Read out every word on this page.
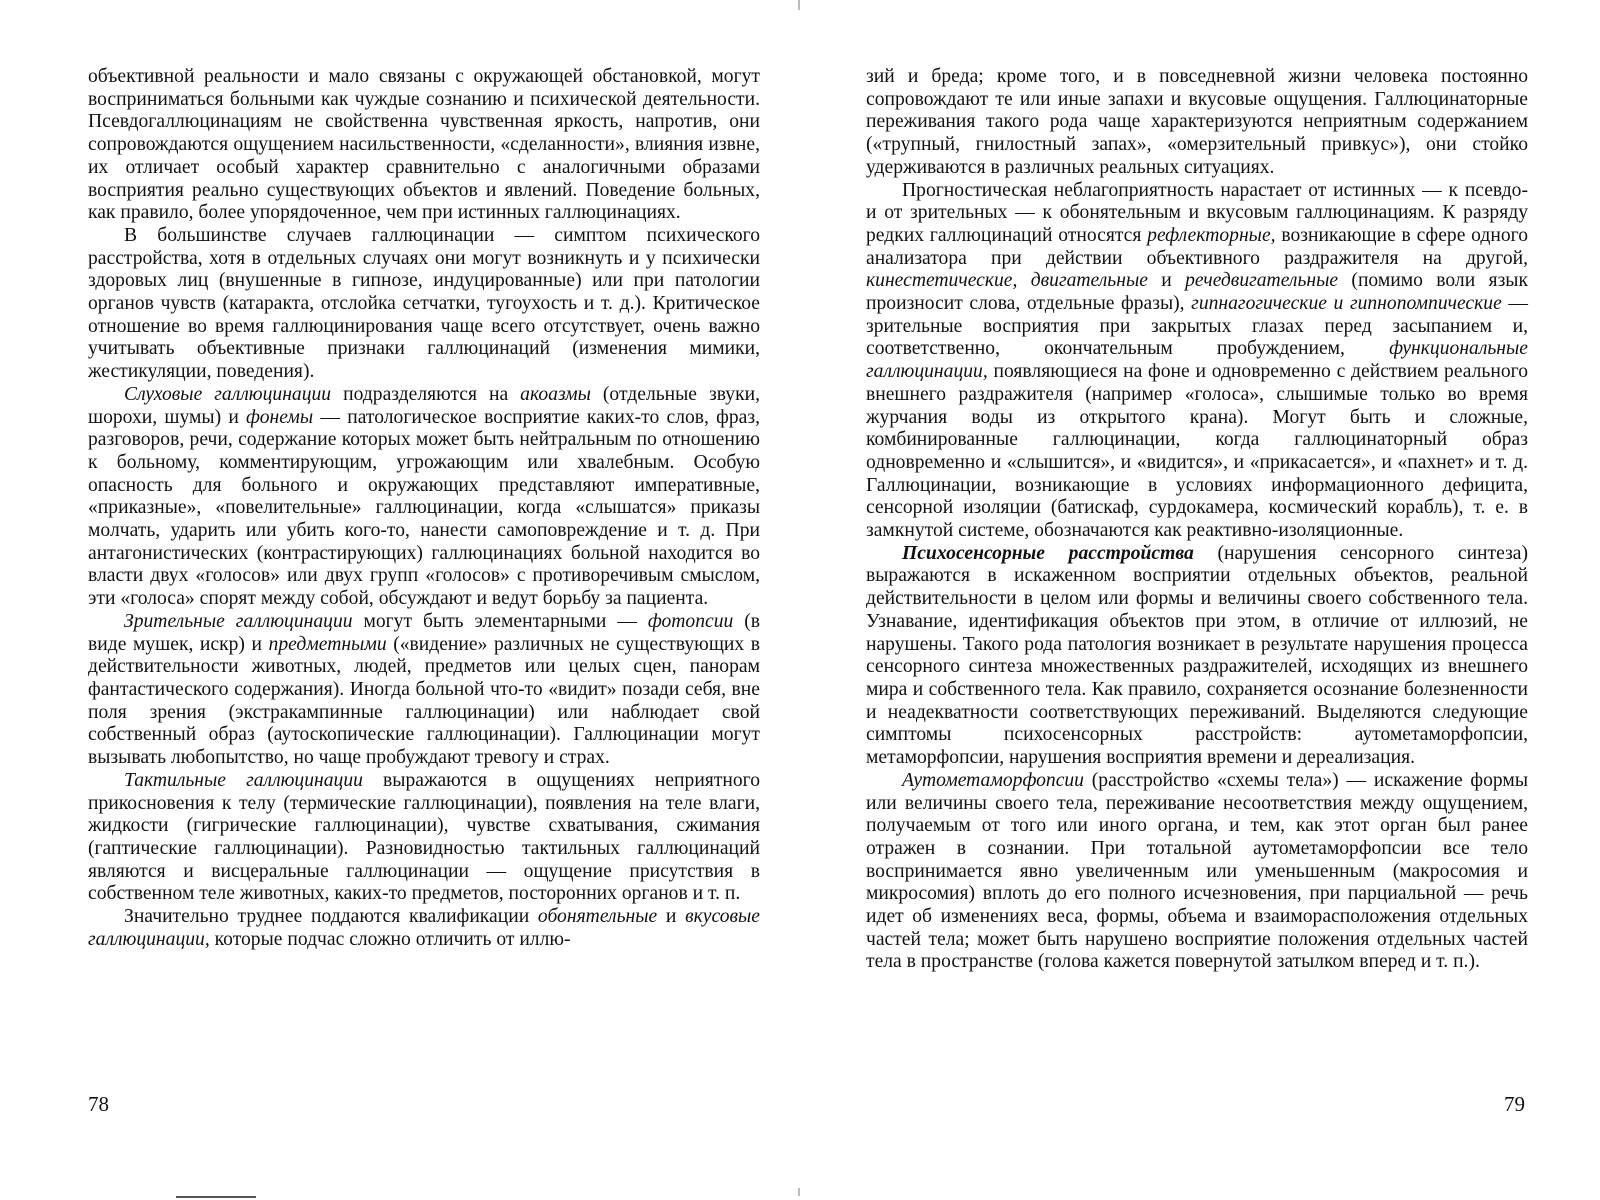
объективной реальности и мало связаны с окружающей обстановкой, могут восприниматься больными как чуждые сознанию и психической деятельности. Псевдогаллюцинациям не свойственна чувственная яркость, напротив, они сопровождаются ощущением насильственности, «сделанности», влияния извне, их отличает особый характер сравнительно с аналогичными образами восприятия реально существующих объектов и явлений. Поведение больных, как правило, более упорядоченное, чем при истинных галлюцинациях.

В большинстве случаев галлюцинации — симптом психического расстройства, хотя в отдельных случаях они могут возникнуть и у психически здоровых лиц (внушенные в гипнозе, индуцированные) или при патологии органов чувств (катаракта, отслойка сетчатки, тугоухость и т. д.). Критическое отношение во время галлюцинирования чаще всего отсутствует, очень важно учитывать объективные признаки галлюцинаций (изменения мимики, жестикуляции, поведения).

Слуховые галлюцинации подразделяются на акоазмы (отдельные звуки, шорохи, шумы) и фонемы — патологическое восприятие каких-то слов, фраз, разговоров, речи, содержание которых может быть нейтральным по отношению к больному, комментирующим, угрожающим или хвалебным. Особую опасность для больного и окружающих представляют императивные, «приказные», «повелительные» галлюцинации, когда «слышатся» приказы молчать, ударить или убить кого-то, нанести самоповреждение и т. д. При антагонистических (контрастирующих) галлюцинациях больной находится во власти двух «голосов» или двух групп «голосов» с противоречивым смыслом, эти «голоса» спорят между собой, обсуждают и ведут борьбу за пациента.

Зрительные галлюцинации могут быть элементарными — фотопсии (в виде мушек, искр) и предметными («видение» различных не существующих в действительности животных, людей, предметов или целых сцен, панорам фантастического содержания). Иногда больной что-то «видит» позади себя, вне поля зрения (экстракампинные галлюцинации) или наблюдает свой собственный образ (аутоскопические галлюцинации). Галлюцинации могут вызывать любопытство, но чаще пробуждают тревогу и страх.

Тактильные галлюцинации выражаются в ощущениях неприятного прикосновения к телу (термические галлюцинации), появления на теле влаги, жидкости (гигрические галлюцинации), чувстве схватывания, сжимания (гаптические галлюцинации). Разновидностью тактильных галлюцинаций являются и висцеральные галлюцинации — ощущение присутствия в собственном теле животных, каких-то предметов, посторонних органов и т. п.

Значительно труднее поддаются квалификации обонятельные и вкусовые галлюцинации, которые подчас сложно отличить от иллю-

зий и бреда; кроме того, и в повседневной жизни человека постоянно сопровождают те или иные запахи и вкусовые ощущения. Галлюцинаторные переживания такого рода чаще характеризуются неприятным содержанием («трупный, гнилостный запах», «омерзительный привкус»), они стойко удерживаются в различных реальных ситуациях.

Прогностическая неблагоприятность нарастает от истинных — к псевдо- и от зрительных — к обонятельным и вкусовым галлюцинациям. К разряду редких галлюцинаций относятся рефлекторные, возникающие в сфере одного анализатора при действии объективного раздражителя на другой, кинестетические, двигательные и речедвигательные (помимо воли язык произносит слова, отдельные фразы), гипнагогические и гипнопомпические — зрительные восприятия при закрытых глазах перед засыпанием и, соответственно, окончательным пробуждением, функциональные галлюцинации, появляющиеся на фоне и одновременно с действием реального внешнего раздражителя (например «голоса», слышимые только во время журчания воды из открытого крана). Могут быть и сложные, комбинированные галлюцинации, когда галлюцинаторный образ одновременно и «слышится», и «видится», и «прикасается», и «пахнет» и т. д. Галлюцинации, возникающие в условиях информационного дефицита, сенсорной изоляции (батискаф, сурдокамера, космический корабль), т. е. в замкнутой системе, обозначаются как реактивно-изоляционные.

Психосенсорные расстройства (нарушения сенсорного синтеза) выражаются в искаженном восприятии отдельных объектов, реальной действительности в целом или формы и величины своего собственного тела. Узнавание, идентификация объектов при этом, в отличие от иллюзий, не нарушены. Такого рода патология возникает в результате нарушения процесса сенсорного синтеза множественных раздражителей, исходящих из внешнего мира и собственного тела. Как правило, сохраняется осознание болезненности и неадекватности соответствующих переживаний. Выделяются следующие симптомы психосенсорных расстройств: аутометаморфопсии, метаморфопсии, нарушения восприятия времени и дереализация.

Аутометаморфопсии (расстройство «схемы тела») — искажение формы или величины своего тела, переживание несоответствия между ощущением, получаемым от того или иного органа, и тем, как этот орган был ранее отражен в сознании. При тотальной аутометаморфопсии все тело воспринимается явно увеличенным или уменьшенным (макросомия и микросомия) вплоть до его полного исчезновения, при парциальной — речь идет об изменениях веса, формы, объема и взаиморасположения отдельных частей тела; может быть нарушено восприятие положения отдельных частей тела в пространстве (голова кажется повернутой затылком вперед и т. п.).

78	79
